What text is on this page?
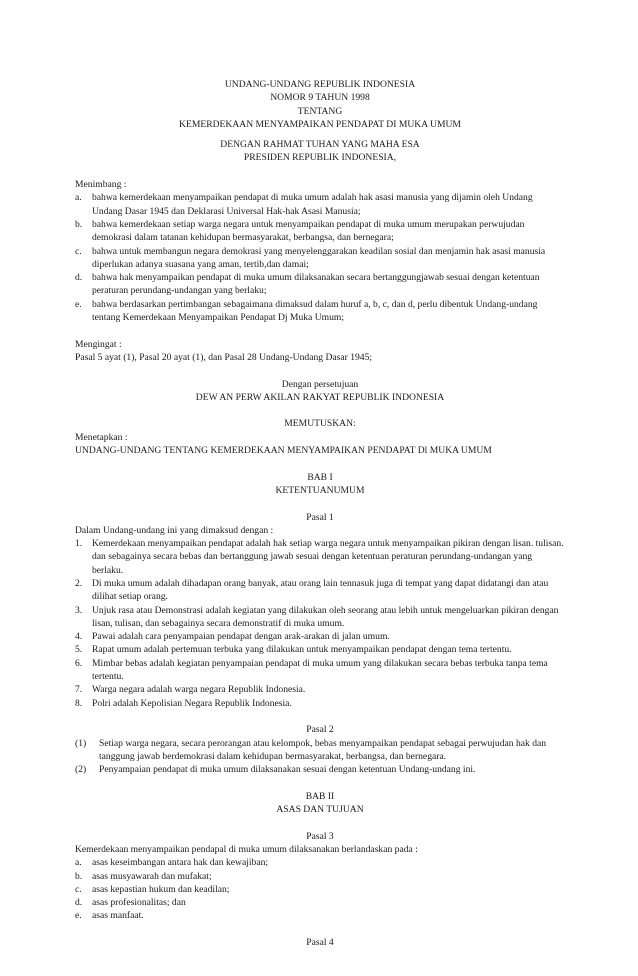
UNDANG-UNDANG REPUBLIK INDONESIA
NOMOR 9 TAHUN 1998
TENTANG
KEMERDEKAAN MENYAMPAIKAN PENDAPAT DI MUKA UMUM
DENGAN RAHMAT TUHAN YANG MAHA ESA
PRESIDEN REPUBLIK INDONESIA,
Menimbang :
a.	bahwa kemerdekaan menyampaikan pendapat di muka umum adalah hak asasi manusia yang dijamin oleh Undang Undang Dasar 1945 dan Deklarasi Universal Hak-hak Asasi Manusia;
b.	bahwa kemerdekaan setiap warga negara untuk menyampaikan pendapat di muka umum merupakan perwujudan demokrasi dalam tatanan kehidupan bermasyarakat, berbangsa, dan bernegara;
c.	bahwa untuk membangun negara demokrasi yang menyelenggarakan keadilan sosial dan menjamin hak asasi manusia diperlukan adanya suasana yang aman, tertib,dan damai;
d.	bahwa hak menyampaikan pendapat di muka umum dilaksanakan secara bertanggungjawab sesuai dengan ketentuan peraturan perundang-undangan yang berlaku;
e.	bahwa berdasarkan pertimbangan sebagaimana dimaksud dalam huruf a, b, c, dan d, perlu dibentuk Undang-undang tentang Kemerdekaan Menyampaikan Pendapat Dj Muka Umum;
Mengingat :
Pasal 5 ayat (1), Pasal 20 ayat (1), dan Pasal 28 Undang-Undang Dasar 1945;
Dengan persetujuan
DEW AN PERW AKILAN RAKYAT REPUBLIK INDONESIA
MEMUTUSKAN:
Menetapkan :
UNDANG-UNDANG TENTANG KEMERDEKAAN MENYAMPAIKAN PENDAPAT Dl MUKA UMUM
BAB I
KETENTUANUMUM
Pasal 1
Dalam Undang-undang ini yang dimaksud dengan :
1.	Kemerdekaan menyampaikan pendapat adalah hak setiap warga negara untuk menyampaikan pikiran dengan lisan. tulisan. dan sebagainya secara bebas dan bertanggung jawab sesuai dengan ketentuan peraturan perundang-undangan yang berlaku.
2.	Di muka umum adalah dihadapan orang banyak, atau orang lain tennasuk juga di tempat yang dapat didatangi dan atau dilihat setiap orang.
3.	Unjuk rasa atau Demonstrasi adalah kegiatan yang dilakukan oleh seorang atau lebih untuk mengeluarkan pikiran dengan lisan, tulisan, dan sebagainya secara demonstratif di muka umum.
4.	Pawai adalah cara penyampaian pendapat dengan arak-arakan di jalan umum.
5.	Rapat umum adalah pertemuan terbuka yang dilakukan untuk menyampaikan pendapat dengan tema tertentu.
6.	Mimbar bebas adalah kegiatan penyampaian pendapat di muka umum yang dilakukan secara bebas terbuka tanpa tema tertentu.
7.	Warga negara adalah warga negara Republik Indonesia.
8.	Polri adalah Kepolisian Negara Republik Indonesia.
Pasal 2
(1)	Setiap warga negara, secara perorangan atau kelompok, bebas menyampaikan pendapat sebagai perwujudan hak dan tanggung jawab berdemokrasi dalam kehidupan bermasyarakat, berbangsa, dan bernegara.
(2)	Penyampaian pendapat di muka umum dilaksanakan sesuai dengan ketentuan Undang-undang ini.
BAB II
ASAS DAN TUJUAN
Pasal 3
Kemerdekaan menyampaikan pendapal di muka umum dilaksanakan berlandaskan pada :
a.	asas keseimbangan antara hak dan kewajiban;
b.	asas musyawarah dan mufakat;
c.	asas kepastian hukum dan keadilan;
d.	asas profesionalitas; dan
e.	asas manfaat.
Pasal 4
